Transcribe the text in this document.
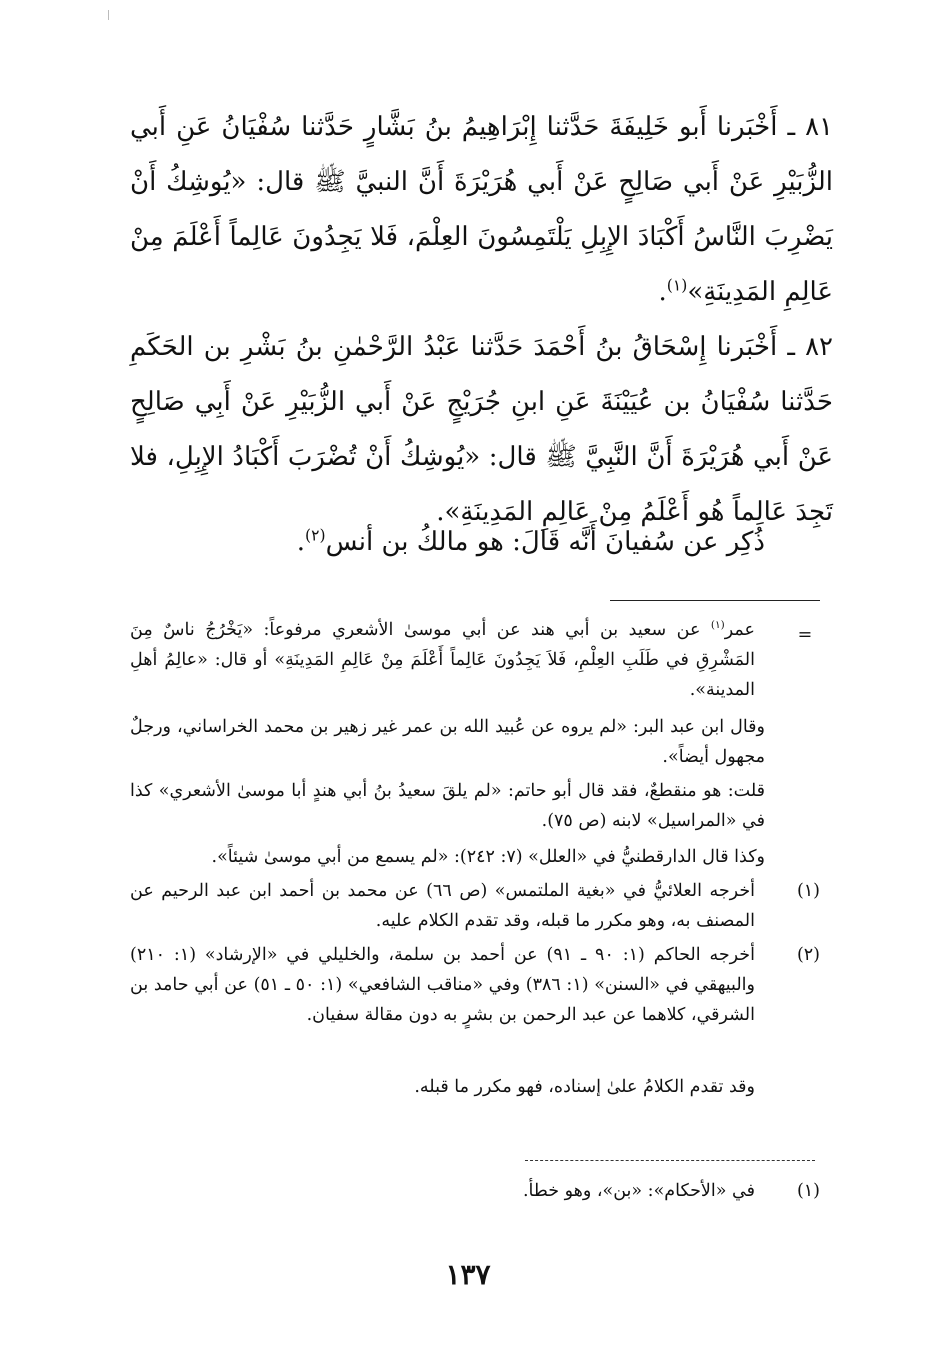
٨١ ـ أَخْبَرنا أَبو خَلِيفَةَ حَدَّثنا إِبْرَاهِيمُ بنُ بَشَّارٍ حَدَّثنا سُفْيَانُ عَنِ أَبي الزُّبَيْرِ عَنْ أَبي صَالِحٍ عَنْ أَبي هُرَيْرَةَ أَنَّ النبيَّ ﷺ قال: «يُوشِكُ أَنْ يَضْرِبَ النَّاسُ أَكْبَادَ الإِبِلِ يَلْتَمِسُونَ العِلْمَ، فَلا يَجِدُونَ عَالِماً أَعْلَمَ مِنْ عَالِمِ المَدِينَةِ»$^{(١)}$.
٨٢ ـ أَخْبَرنا إِسْحَاقُ بنُ أَحْمَدَ حَدَّثنا عَبْدُ الرَّحْمٰنِ بنُ بَشْرِ بن الحَكَمِ حَدَّثنا سُفْيَانُ بن عُيَيْنَةَ عَنِ ابنِ جُرَيْجٍ عَنْ أَبي الزُّبَيْرِ عَنْ أَبِي صَالِحٍ عَنْ أَبي هُرَيْرَةَ أَنَّ النَّبِيَّ ﷺ قال: «يُوشِكُ أَنْ تُضْرَبَ أَكْبَادُ الإِبِلِ، فلا تَجِدَ عَالِماً هُو أَعْلَمُ مِنْ عَالِمِ المَدِينَةِ».
ذُكِر عن سُفيانَ أَنَّه قَالَ: هو مالكُ بن أنس$^{(٢)}$.
=
عمر$^{(١)}$ عن سعيد بن أبي هند عن أبي موسىٰ الأشعري مرفوعاً: «يَخْرُجُ ناسٌ مِنَ المَشْرِقِ في طَلَبِ العِلْمِ، فَلاَ يَجِدُونَ عَالِماً أَعْلَمَ مِنْ عَالِمِ المَدِينَةِ» أو قال: «عالِمُ أهلِ المدينة».
وقال ابن عبد البر: «لم يروه عن عُبيد الله بن عمر غير زهير بن محمد الخراساني، ورجلٌ مجهول أيضاً».
قلت: هو منقطعٌ، فقد قال أبو حاتم: «لم يلقَ سعيدُ بنُ أبي هندٍ أبا موسىٰ الأشعري» كذا في «المراسيل» لابنه (ص ٧٥).
وكذا قال الدارقطنيُّ في «العلل» (٧: ٢٤٢): «لم يسمع من أبي موسىٰ شيئاً».
(١)
أخرجه العلائيُّ في «بغية الملتمس» (ص ٦٦) عن محمد بن أحمد ابن عبد الرحيم عن المصنف به، وهو مكرر ما قبله، وقد تقدم الكلام عليه.
(٢)
أخرجه الحاكم (١: ٩٠ ـ ٩١) عن أحمد بن سلمة، والخليلي في «الإرشاد» (١: ٢١٠) والبيهقي في «السنن» (١: ٣٨٦) وفي «مناقب الشافعي» (١: ٥٠ ـ ٥١) عن أبي حامد بن الشرقي، كلاهما عن عبد الرحمن بن بشرٍ به دون مقالة سفيان.
وقد تقدم الكلامُ علىٰ إسناده، فهو مكرر ما قبله.
(١)
في «الأحكام»: «بن»، وهو خطأ.
١٣٧
